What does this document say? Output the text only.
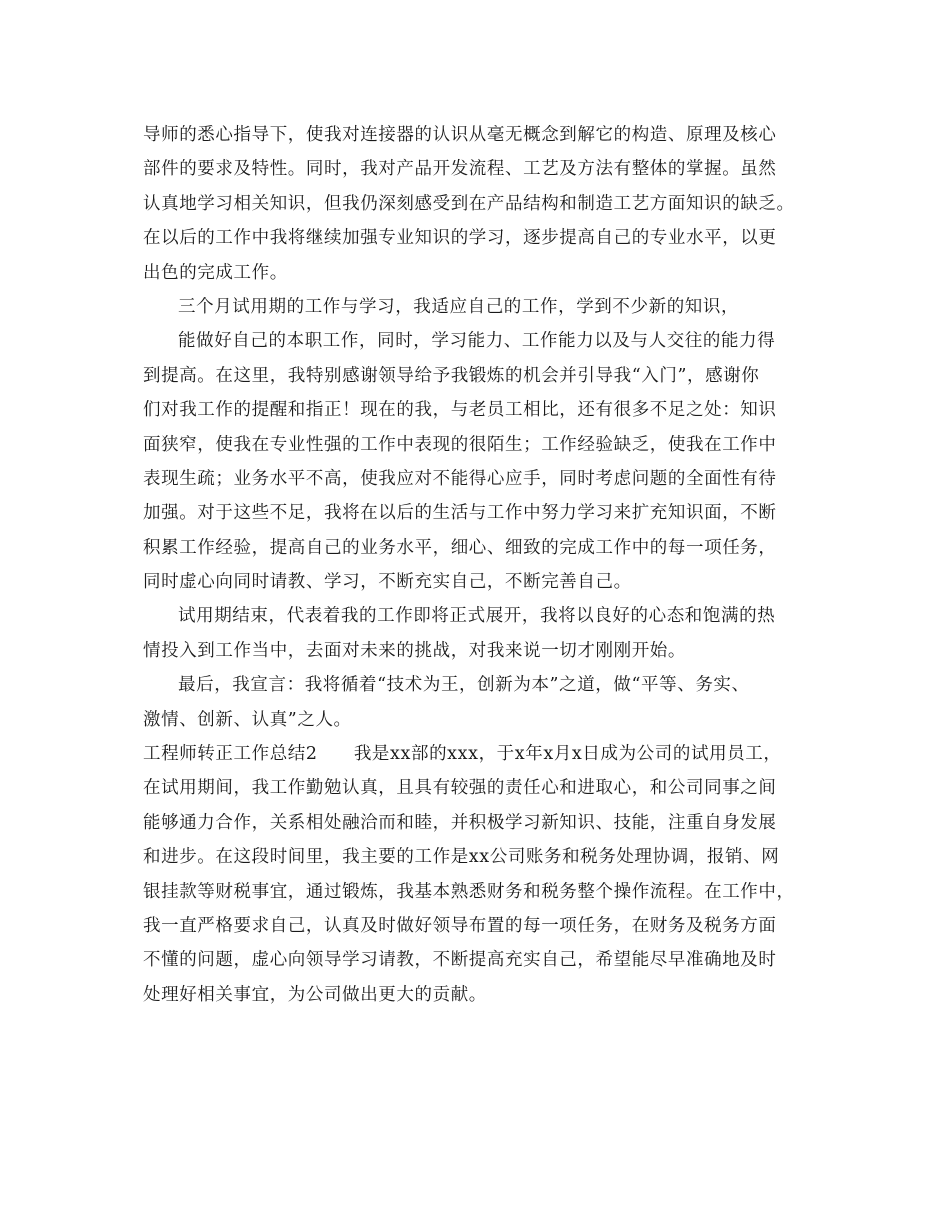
导师的悉心指导下，使我对连接器的认识从毫无概念到解它的构造、原理及核心
部件的要求及特性。同时，我对产品开发流程、工艺及方法有整体的掌握。虽然
认真地学习相关知识，但我仍深刻感受到在产品结构和制造工艺方面知识的缺乏。
在以后的工作中我将继续加强专业知识的学习，逐步提高自己的专业水平，以更
出色的完成工作。
三个月试用期的工作与学习，我适应自己的工作，学到不少新的知识，
能做好自己的本职工作，同时，学习能力、工作能力以及与人交往的能力得
到提高。在这里，我特别感谢领导给予我锻炼的机会并引导我“入门”，感谢你
们对我工作的提醒和指正！现在的我，与老员工相比，还有很多不足之处：知识
面狭窄，使我在专业性强的工作中表现的很陌生；工作经验缺乏，使我在工作中
表现生疏；业务水平不高，使我应对不能得心应手，同时考虑问题的全面性有待
加强。对于这些不足，我将在以后的生活与工作中努力学习来扩充知识面，不断
积累工作经验，提高自己的业务水平，细心、细致的完成工作中的每一项任务，
同时虚心向同时请教、学习，不断充实自己，不断完善自己。
试用期结束，代表着我的工作即将正式展开，我将以良好的心态和饱满的热
情投入到工作当中，去面对未来的挑战，对我来说一切才刚刚开始。
最后，我宣言：我将循着“技术为王，创新为本”之道，做“平等、务实、
激情、创新、认真”之人。
工程师转正工作总结2　　我是xx部的xxx，于x年x月x日成为公司的试用员工，
在试用期间，我工作勤勉认真，且具有较强的责任心和进取心，和公司同事之间
能够通力合作，关系相处融洽而和睦，并积极学习新知识、技能，注重自身发展
和进步。在这段时间里，我主要的工作是xx公司账务和税务处理协调，报销、网
银挂款等财税事宜，通过锻炼，我基本熟悉财务和税务整个操作流程。在工作中，
我一直严格要求自己，认真及时做好领导布置的每一项任务，在财务及税务方面
不懂的问题，虚心向领导学习请教，不断提高充实自己，希望能尽早准确地及时
处理好相关事宜，为公司做出更大的贡献。
